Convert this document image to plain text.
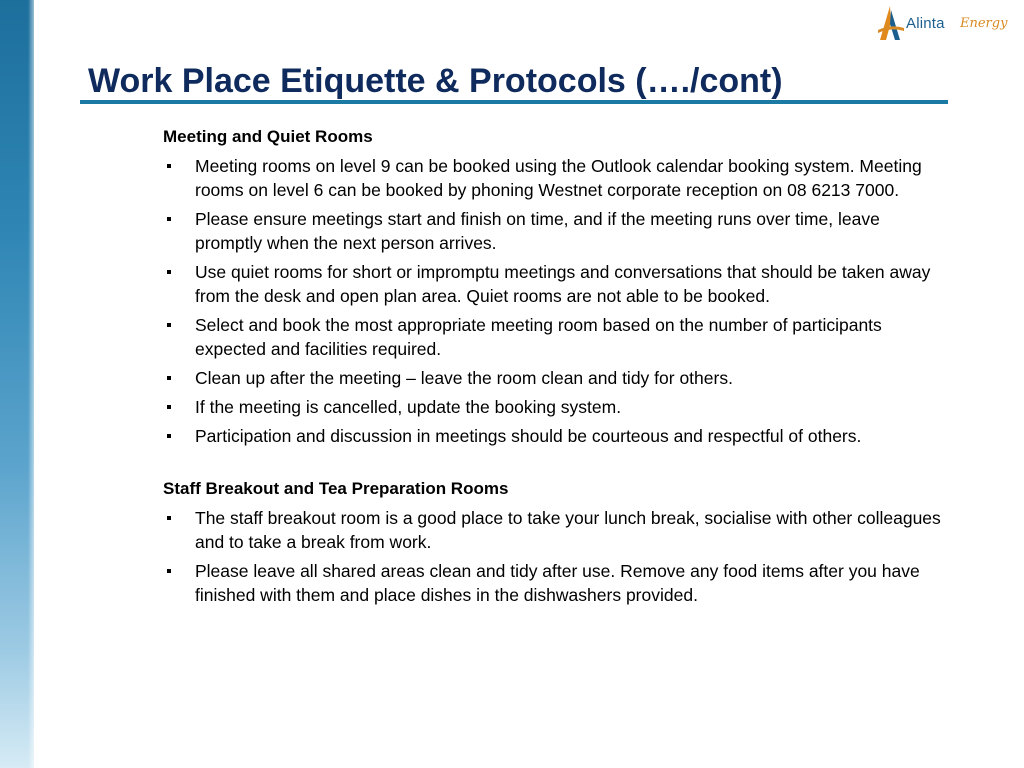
Alinta Energy
Work Place Etiquette & Protocols (…./cont)
Meeting and Quiet Rooms
Meeting rooms on level 9 can be booked using the Outlook calendar booking system. Meeting rooms on level 6 can be booked by phoning Westnet corporate reception on 08 6213 7000.
Please ensure meetings start and finish on time, and if the meeting runs over time, leave promptly when the next person arrives.
Use quiet rooms for short or impromptu meetings and conversations that should be taken away from the desk and open plan area. Quiet rooms are not able to be booked.
Select and book the most appropriate meeting room based on the number of participants expected and facilities required.
Clean up after the meeting – leave the room clean and tidy for others.
If the meeting is cancelled, update the booking system.
Participation and discussion in meetings should be courteous and respectful of others.
Staff Breakout and Tea Preparation Rooms
The staff breakout room is a good place to take your lunch break, socialise with other colleagues and to take a break from work.
Please leave all shared areas clean and tidy after use. Remove any food items after you have finished with them and place dishes in the dishwashers provided.
